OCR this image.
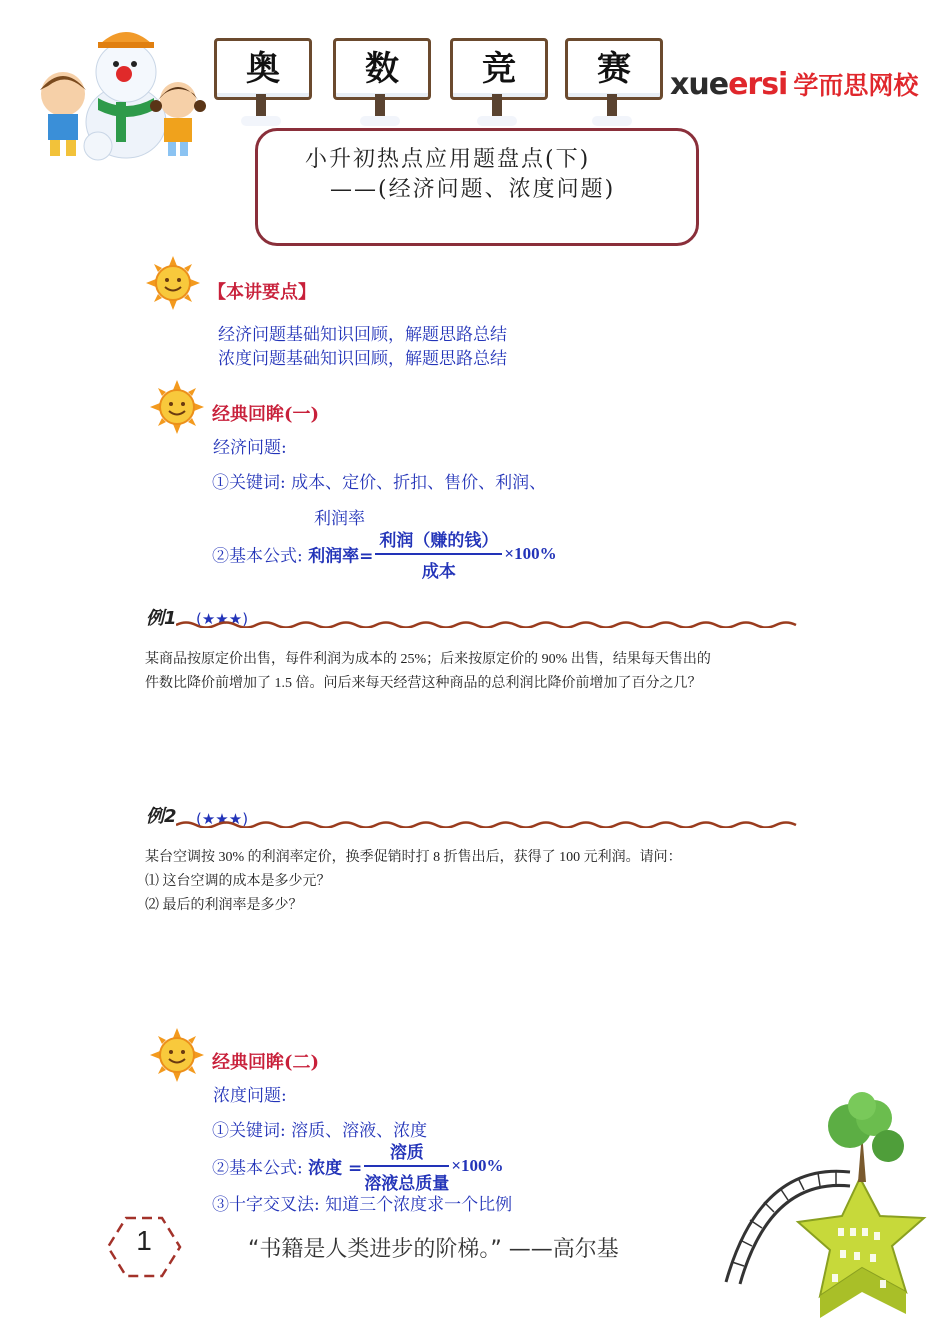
奥	数	竞	赛	xueersi 学而思网校
小升初热点应用题盘点(下)
——(经济问题、浓度问题)
【本讲要点】
经济问题基础知识回顾，解题思路总结
浓度问题基础知识回顾，解题思路总结
经典回眸(一)
经济问题:
①关键词: 成本、定价、折扣、售价、利润、
利润率
②基本公式: 利润率= $\frac{\text{利润（赚的钱）}}{\text{成本}} \times 100\%$
例1 (★★★)
某商品按原定价出售，每件利润为成本的 25%；后来按原定价的 90% 出售，结果每天售出的
件数比降价前增加了 1.5 倍。问后来每天经营这种商品的总利润比降价前增加了百分之几？
例2 (★★★)
某台空调按 30% 的利润率定价，换季促销时打 8 折售出后，获得了 100 元利润。请问：
⑴ 这台空调的成本是多少元？
⑵ 最后的利润率是多少？
经典回眸(二)
浓度问题:
①关键词: 溶质、溶液、浓度
②基本公式: 浓度 = $\frac{\text{溶质}}{\text{溶液总质量}} \times 100\%$
③十字交叉法: 知道三个浓度求一个比例
1	“书籍是人类进步的阶梯。” ——高尔基
